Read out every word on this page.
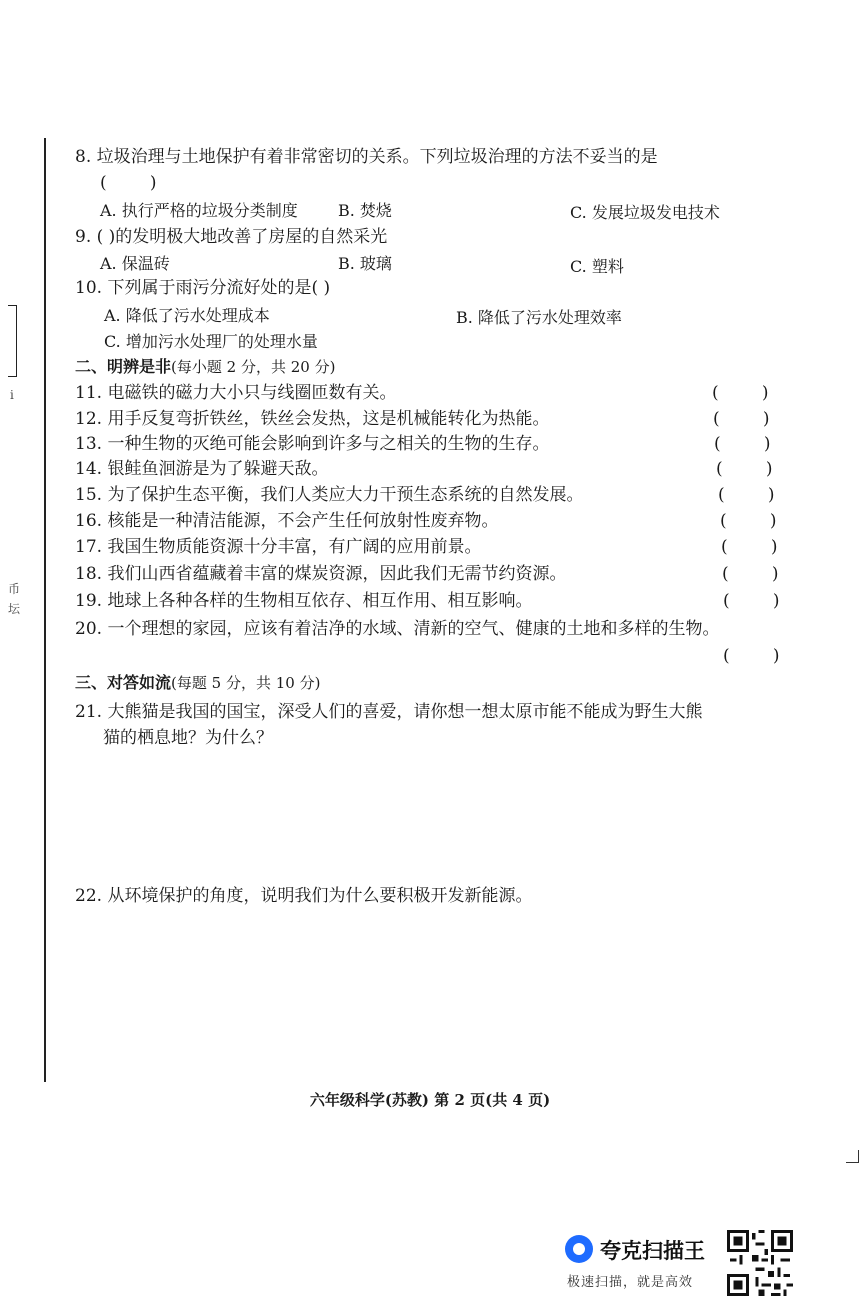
ⅰ
币
坛
8. 垃圾治理与土地保护有着非常密切的关系。下列垃圾治理的方法不妥当的是
(        )
A. 执行严格的垃圾分类制度	B. 焚烧	C. 发展垃圾发电技术
9. ( )的发明极大地改善了房屋的自然采光
A. 保温砖	B. 玻璃	C. 塑料
10. 下列属于雨污分流好处的是( )
A. 降低了污水处理成本	B. 降低了污水处理效率
C. 增加污水处理厂的处理水量
二、明辨是非(每小题 2 分，共 20 分)
11. 电磁铁的磁力大小只与线圈匝数有关。	(        )
12. 用手反复弯折铁丝，铁丝会发热，这是机械能转化为热能。	(        )
13. 一种生物的灭绝可能会影响到许多与之相关的生物的生存。	(        )
14. 银鲑鱼洄游是为了躲避天敌。	(        )
15. 为了保护生态平衡，我们人类应大力干预生态系统的自然发展。	(        )
16. 核能是一种清洁能源，不会产生任何放射性废弃物。	(        )
17. 我国生物质能资源十分丰富，有广阔的应用前景。	(        )
18. 我们山西省蕴藏着丰富的煤炭资源，因此我们无需节约资源。	(        )
19. 地球上各种各样的生物相互依存、相互作用、相互影响。	(        )
20. 一个理想的家园，应该有着洁净的水域、清新的空气、健康的土地和多样的生物。
(        )
三、对答如流(每题 5 分，共 10 分)
21. 大熊猫是我国的国宝，深受人们的喜爱，请你想一想太原市能不能成为野生大熊
猫的栖息地？为什么？
22. 从环境保护的角度，说明我们为什么要积极开发新能源。
六年级科学(苏教) 第 2 页(共 4 页)
夸克扫描王
极速扫描，就是高效
